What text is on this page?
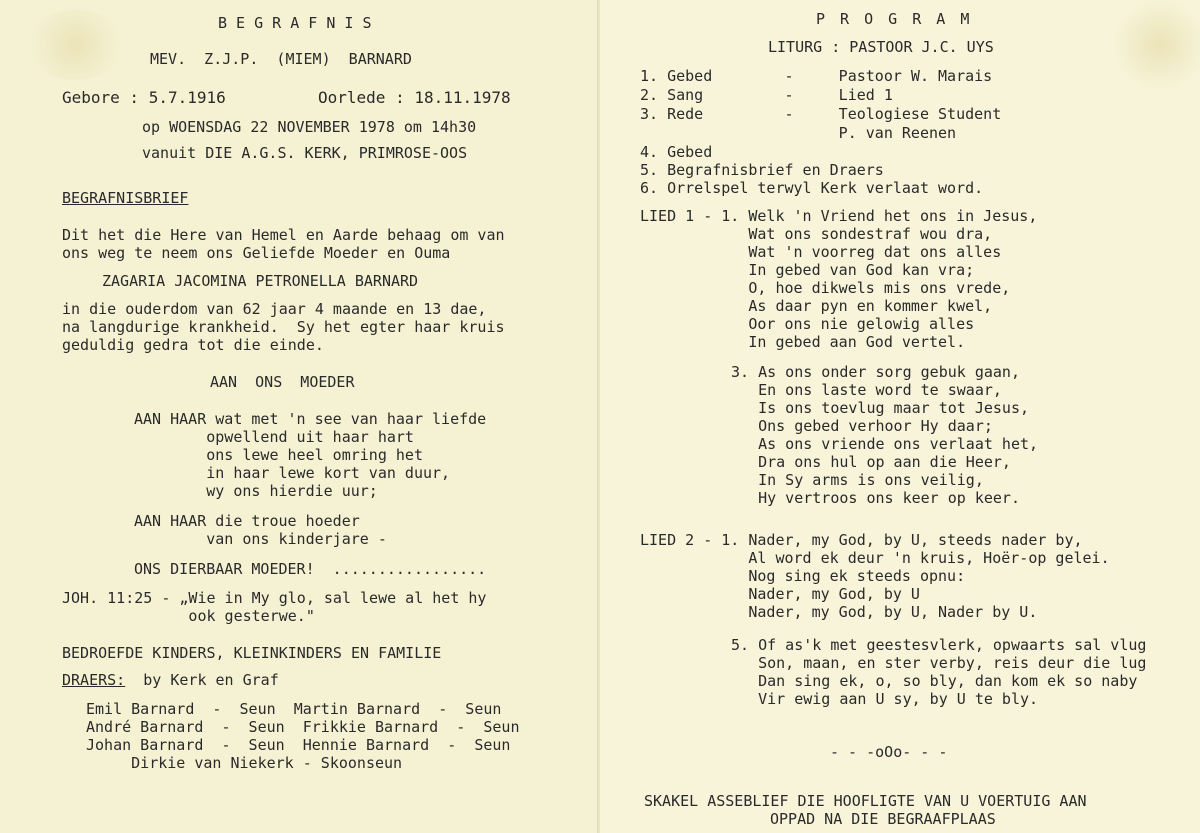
B E G R A F N I S
MEV.  Z.J.P.  (MIEM)  BARNARD
Gebore : 5.7.1916	Oorlede : 18.11.1978
op WOENSDAG 22 NOVEMBER 1978 om 14h30
vanuit DIE A.G.S. KERK, PRIMROSE-OOS
BEGRAFNISBRIEF
Dit het die Here van Hemel en Aarde behaag om van
ons weg te neem ons Geliefde Moeder en Ouma
ZAGARIA JACOMINA PETRONELLA BARNARD
in die ouderdom van 62 jaar 4 maande en 13 dae,
na langdurige krankheid.  Sy het egter haar kruis
geduldig gedra tot die einde.
AAN  ONS  MOEDER
AAN HAAR wat met 'n see van haar liefde
opwellend uit haar hart
ons lewe heel omring het
in haar lewe kort van duur,
wy ons hierdie uur;
AAN HAAR die troue hoeder
van ons kinderjare -
ONS DIERBAAR MOEDER!  .................
JOH. 11:25 - „Wie in My glo, sal lewe al het hy
ook gesterwe."
BEDROEFDE KINDERS, KLEINKINDERS EN FAMILIE
DRAERS:  by Kerk en Graf
Emil Barnard  -  Seun  Martin Barnard  -  Seun
André Barnard  -  Seun  Frikkie Barnard  -  Seun
Johan Barnard  -  Seun  Hennie Barnard  -  Seun
Dirkie van Niekerk - Skoonseun
P R O G R A M
LITURG : PASTOOR J.C. UYS
1. Gebed        -     Pastoor W. Marais
2. Sang         -     Lied 1
3. Rede         -     Teologiese Student
P. van Reenen
4. Gebed
5. Begrafnisbrief en Draers
6. Orrelspel terwyl Kerk verlaat word.
LIED 1 - 1. Welk 'n Vriend het ons in Jesus,
Wat ons sondestraf wou dra,
Wat 'n voorreg dat ons alles
In gebed van God kan vra;
O, hoe dikwels mis ons vrede,
As daar pyn en kommer kwel,
Oor ons nie gelowig alles
In gebed aan God vertel.
3. As ons onder sorg gebuk gaan,
En ons laste word te swaar,
Is ons toevlug maar tot Jesus,
Ons gebed verhoor Hy daar;
As ons vriende ons verlaat het,
Dra ons hul op aan die Heer,
In Sy arms is ons veilig,
Hy vertroos ons keer op keer.
LIED 2 - 1. Nader, my God, by U, steeds nader by,
Al word ek deur 'n kruis, Hoër-op gelei.
Nog sing ek steeds opnu:
Nader, my God, by U
Nader, my God, by U, Nader by U.
5. Of as'k met geestesvlerk, opwaarts sal vlug
Son, maan, en ster verby, reis deur die lug
Dan sing ek, o, so bly, dan kom ek so naby
Vir ewig aan U sy, by U te bly.
- - -oOo- - -
SKAKEL ASSEBLIEF DIE HOOFLIGTE VAN U VOERTUIG AAN
OPPAD NA DIE BEGRAAFPLAAS
